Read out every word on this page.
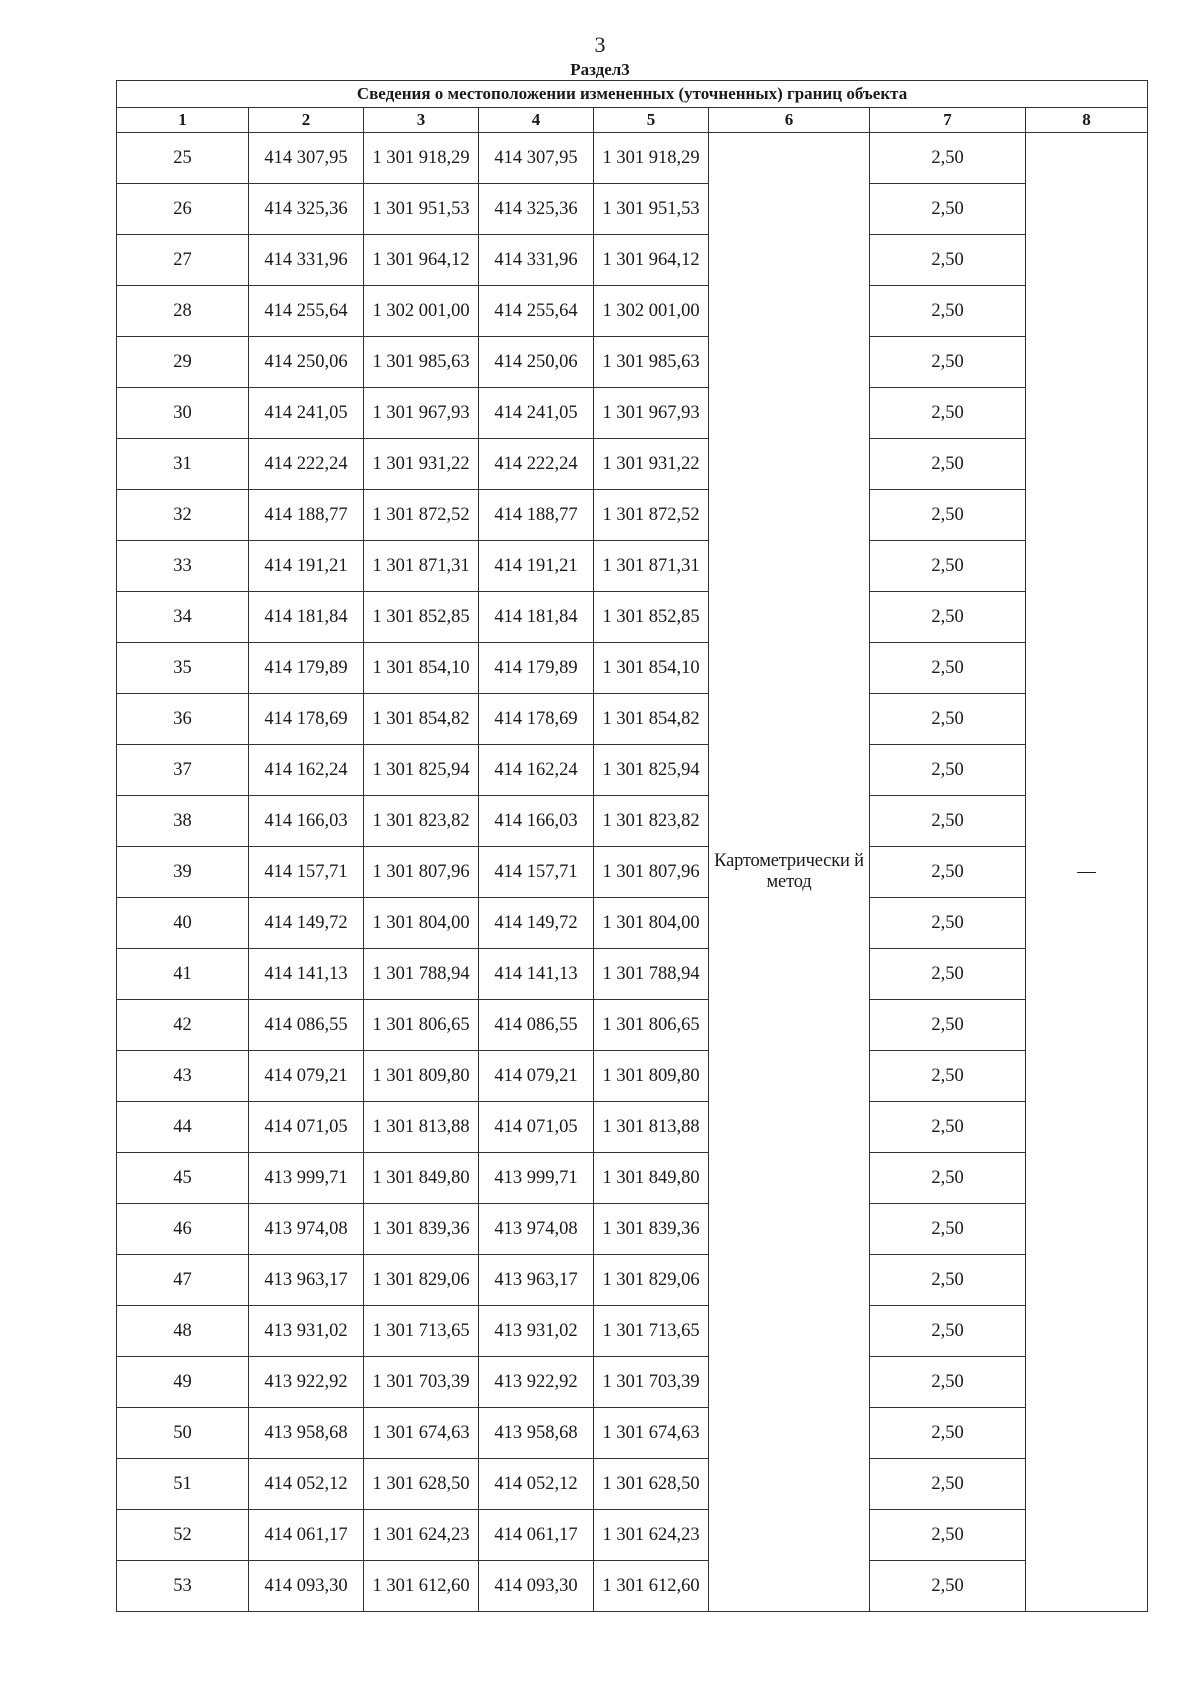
3
Раздел3
Сведения о местоположении измененных (уточненных) границ объекта							
1	2	3	4	5	6	7	8
25	414 307,95	1 301 918,29	414 307,95	1 301 918,29	Картометрически й метод	2,50	—
26	414 325,36	1 301 951,53	414 325,36	1 301 951,53		2,50	
27	414 331,96	1 301 964,12	414 331,96	1 301 964,12		2,50	
28	414 255,64	1 302 001,00	414 255,64	1 302 001,00		2,50	
29	414 250,06	1 301 985,63	414 250,06	1 301 985,63		2,50	
30	414 241,05	1 301 967,93	414 241,05	1 301 967,93		2,50	
31	414 222,24	1 301 931,22	414 222,24	1 301 931,22		2,50	
32	414 188,77	1 301 872,52	414 188,77	1 301 872,52		2,50	
33	414 191,21	1 301 871,31	414 191,21	1 301 871,31		2,50	
34	414 181,84	1 301 852,85	414 181,84	1 301 852,85		2,50	
35	414 179,89	1 301 854,10	414 179,89	1 301 854,10		2,50	
36	414 178,69	1 301 854,82	414 178,69	1 301 854,82		2,50	
37	414 162,24	1 301 825,94	414 162,24	1 301 825,94		2,50	
38	414 166,03	1 301 823,82	414 166,03	1 301 823,82		2,50	
39	414 157,71	1 301 807,96	414 157,71	1 301 807,96		2,50	
40	414 149,72	1 301 804,00	414 149,72	1 301 804,00		2,50	
41	414 141,13	1 301 788,94	414 141,13	1 301 788,94		2,50	
42	414 086,55	1 301 806,65	414 086,55	1 301 806,65		2,50	
43	414 079,21	1 301 809,80	414 079,21	1 301 809,80		2,50	
44	414 071,05	1 301 813,88	414 071,05	1 301 813,88		2,50	
45	413 999,71	1 301 849,80	413 999,71	1 301 849,80		2,50	
46	413 974,08	1 301 839,36	413 974,08	1 301 839,36		2,50	
47	413 963,17	1 301 829,06	413 963,17	1 301 829,06		2,50	
48	413 931,02	1 301 713,65	413 931,02	1 301 713,65		2,50	
49	413 922,92	1 301 703,39	413 922,92	1 301 703,39		2,50	
50	413 958,68	1 301 674,63	413 958,68	1 301 674,63		2,50	
51	414 052,12	1 301 628,50	414 052,12	1 301 628,50		2,50	
52	414 061,17	1 301 624,23	414 061,17	1 301 624,23		2,50	
53	414 093,30	1 301 612,60	414 093,30	1 301 612,60		2,50	
